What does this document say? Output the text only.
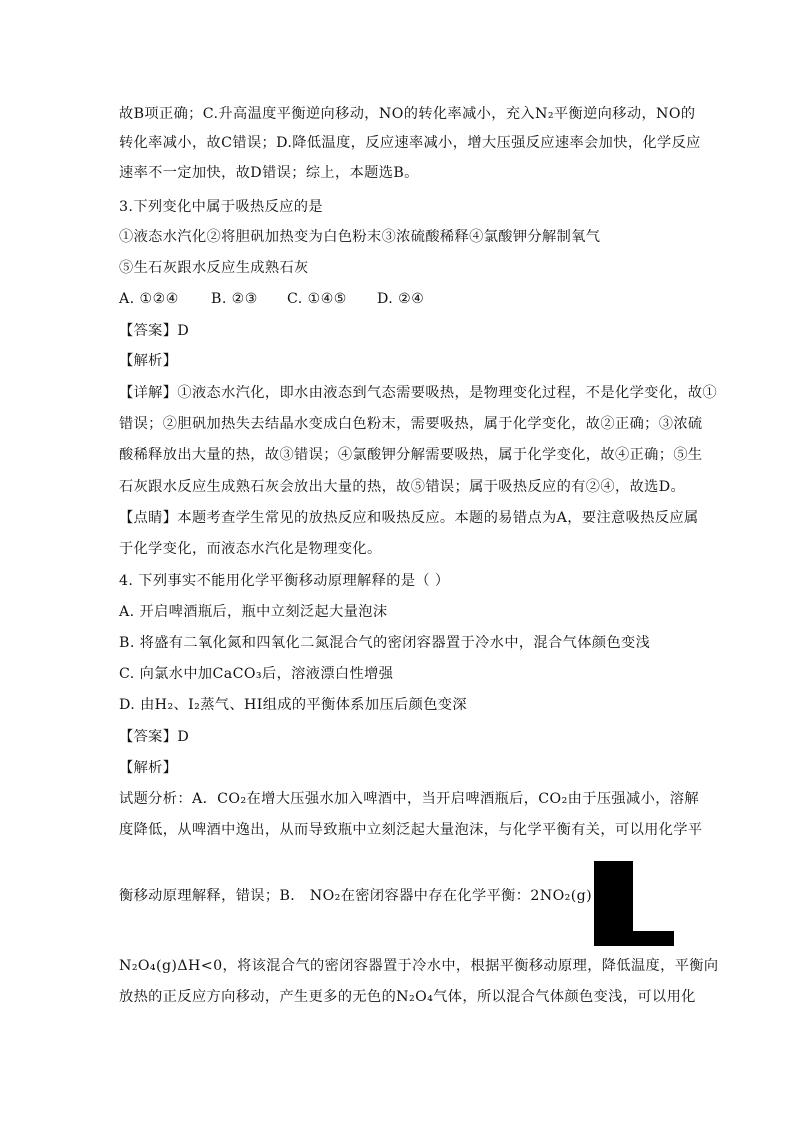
故B项正确；C.升高温度平衡逆向移动，NO的转化率减小，充入N₂平衡逆向移动，NO的
转化率减小，故C错误；D.降低温度，反应速率减小，增大压强反应速率会加快，化学反应
速率不一定加快，故D错误；综上，本题选B。
3.下列变化中属于吸热反应的是
①液态水汽化②将胆矾加热变为白色粉末③浓硫酸稀释④氯酸钾分解制氧气
⑤生石灰跟水反应生成熟石灰
A. ①②④ B. ②③ C. ①④⑤ D. ②④
【答案】D
【解析】
【详解】①液态水汽化，即水由液态到气态需要吸热，是物理变化过程，不是化学变化，故①
错误；②胆矾加热失去结晶水变成白色粉末，需要吸热，属于化学变化，故②正确；③浓硫
酸稀释放出大量的热，故③错误；④氯酸钾分解需要吸热，属于化学变化，故④正确；⑤生
石灰跟水反应生成熟石灰会放出大量的热，故⑤错误；属于吸热反应的有②④，故选D。
【点睛】本题考查学生常见的放热反应和吸热反应。本题的易错点为A，要注意吸热反应属
于化学变化，而液态水汽化是物理变化。
4. 下列事实不能用化学平衡移动原理解释的是（ ）
A. 开启啤酒瓶后，瓶中立刻泛起大量泡沫
B. 将盛有二氧化氮和四氧化二氮混合气的密闭容器置于冷水中，混合气体颜色变浅
C. 向氯水中加CaCO₃后，溶液漂白性增强
D. 由H₂、I₂蒸气、HI组成的平衡体系加压后颜色变深
【答案】D
【解析】
试题分析：A．CO₂在增大压强水加入啤酒中，当开启啤酒瓶后，CO₂由于压强减小，溶解
度降低，从啤酒中逸出，从而导致瓶中立刻泛起大量泡沫，与化学平衡有关，可以用化学平
衡移动原理解释，错误；B． NO₂在密闭容器中存在化学平衡：2NO₂(g)
N₂O₄(g)ΔH<0，将该混合气的密闭容器置于冷水中，根据平衡移动原理，降低温度，平衡向
放热的正反应方向移动，产生更多的无色的N₂O₄气体，所以混合气体颜色变浅，可以用化
